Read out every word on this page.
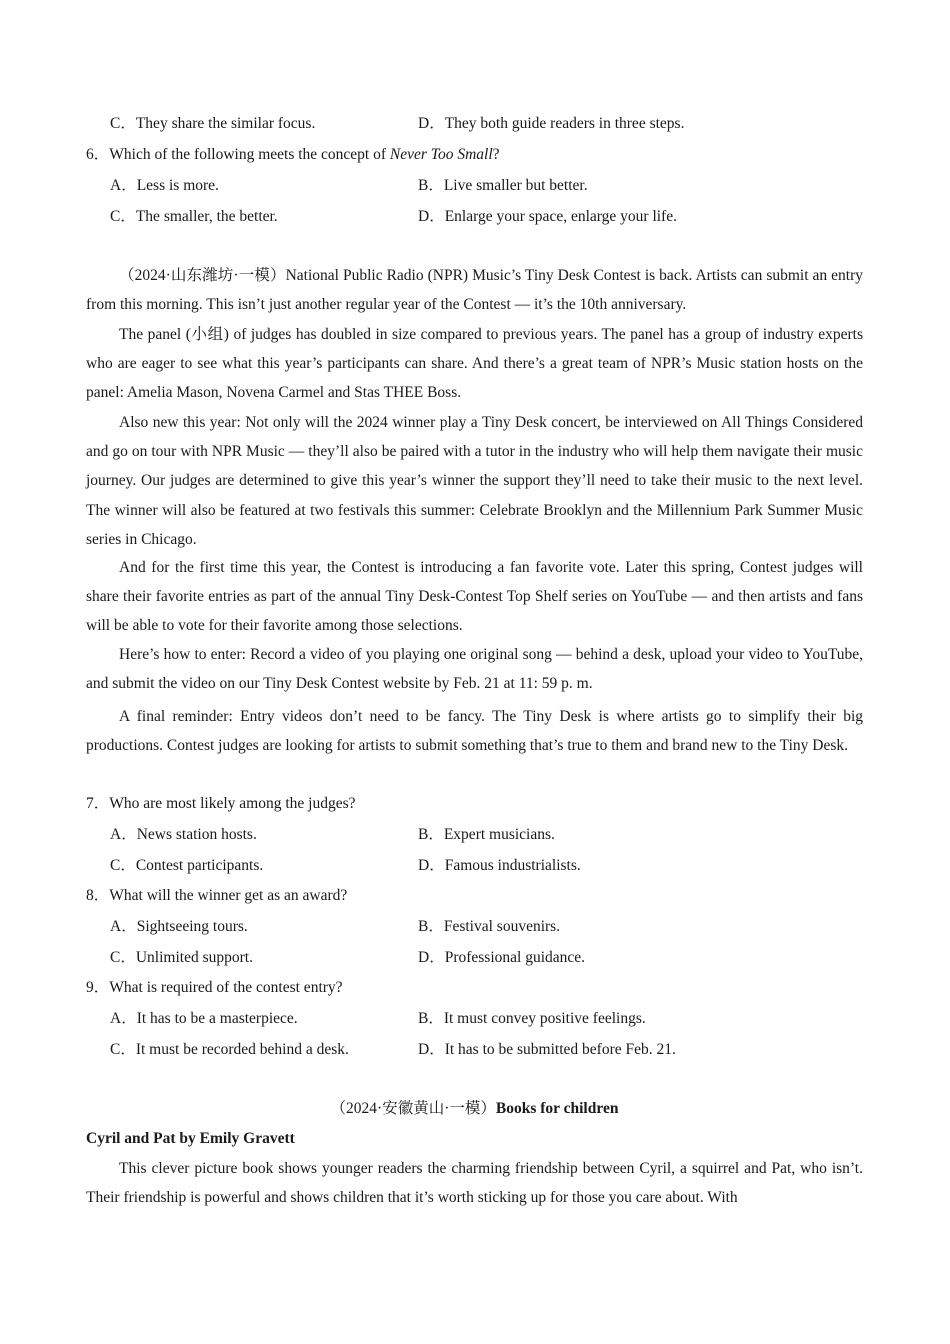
C．They share the similar focus.	D．They both guide readers in three steps.
6．Which of the following meets the concept of Never Too Small?
A．Less is more.	B．Live smaller but better.
C．The smaller, the better.	D．Enlarge your space, enlarge your life.
（2024·山东潍坊·一模）National Public Radio (NPR) Music’s Tiny Desk Contest is back. Artists can submit an entry from this morning. This isn’t just another regular year of the Contest — it’s the 10th anniversary.
The panel (小组) of judges has doubled in size compared to previous years. The panel has a group of industry experts who are eager to see what this year’s participants can share. And there’s a great team of NPR’s Music station hosts on the panel: Amelia Mason, Novena Carmel and Stas THEE Boss.
Also new this year: Not only will the 2024 winner play a Tiny Desk concert, be interviewed on All Things Considered and go on tour with NPR Music — they’ll also be paired with a tutor in the industry who will help them navigate their music journey. Our judges are determined to give this year’s winner the support they’ll need to take their music to the next level. The winner will also be featured at two festivals this summer: Celebrate Brooklyn and the Millennium Park Summer Music series in Chicago.
And for the first time this year, the Contest is introducing a fan favorite vote. Later this spring, Contest judges will share their favorite entries as part of the annual Tiny Desk-Contest Top Shelf series on YouTube — and then artists and fans will be able to vote for their favorite among those selections.
Here’s how to enter: Record a video of you playing one original song — behind a desk, upload your video to YouTube, and submit the video on our Tiny Desk Contest website by Feb. 21 at 11: 59 p. m.
A final reminder: Entry videos don’t need to be fancy. The Tiny Desk is where artists go to simplify their big productions. Contest judges are looking for artists to submit something that’s true to them and brand new to the Tiny Desk.
7．Who are most likely among the judges?
A．News station hosts.	B．Expert musicians.
C．Contest participants.	D．Famous industrialists.
8．What will the winner get as an award?
A．Sightseeing tours.	B．Festival souvenirs.
C．Unlimited support.	D．Professional guidance.
9．What is required of the contest entry?
A．It has to be a masterpiece.	B．It must convey positive feelings.
C．It must be recorded behind a desk.	D．It has to be submitted before Feb. 21.
（2024·安徽黄山·一模）Books for children
Cyril and Pat by Emily Gravett
This clever picture book shows younger readers the charming friendship between Cyril, a squirrel and Pat, who isn’t. Their friendship is powerful and shows children that it’s worth sticking up for those you care about. With
